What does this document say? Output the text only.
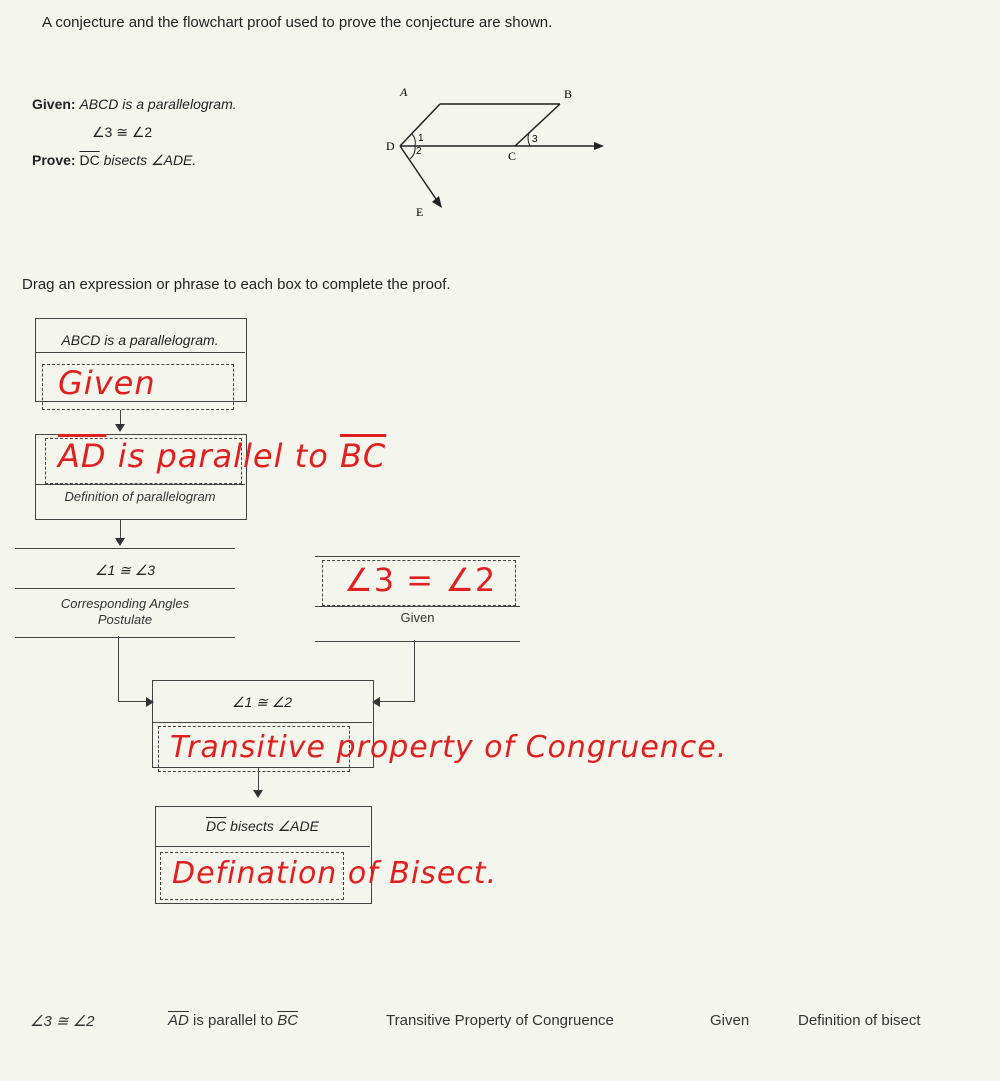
A conjecture and the flowchart proof used to prove the conjecture are shown.
Given: ABCD is a parallelogram.
∠3 ≅ ∠2
Prove: $\overline{DC}$ bisects ∠ADE.
A	B
C
D
E
1
2
3
Drag an expression or phrase to each box to complete the proof.
ABCD is a parallelogram.
Given
$\overline{AD}$ is parallel to $\overline{BC}$
Definition of parallelogram
∠1 ≅ ∠3
Corresponding Angles
Postulate
∠3 = ∠2
Given
∠1 ≅ ∠2
Transitive property of Congruence.
$\overline{DC}$ bisects ∠ADE
Defination of Bisect.
∠3 ≅ ∠2	$\overline{AD}$ is parallel to $\overline{BC}$	Transitive Property of Congruence	Given	Definition of bisect
